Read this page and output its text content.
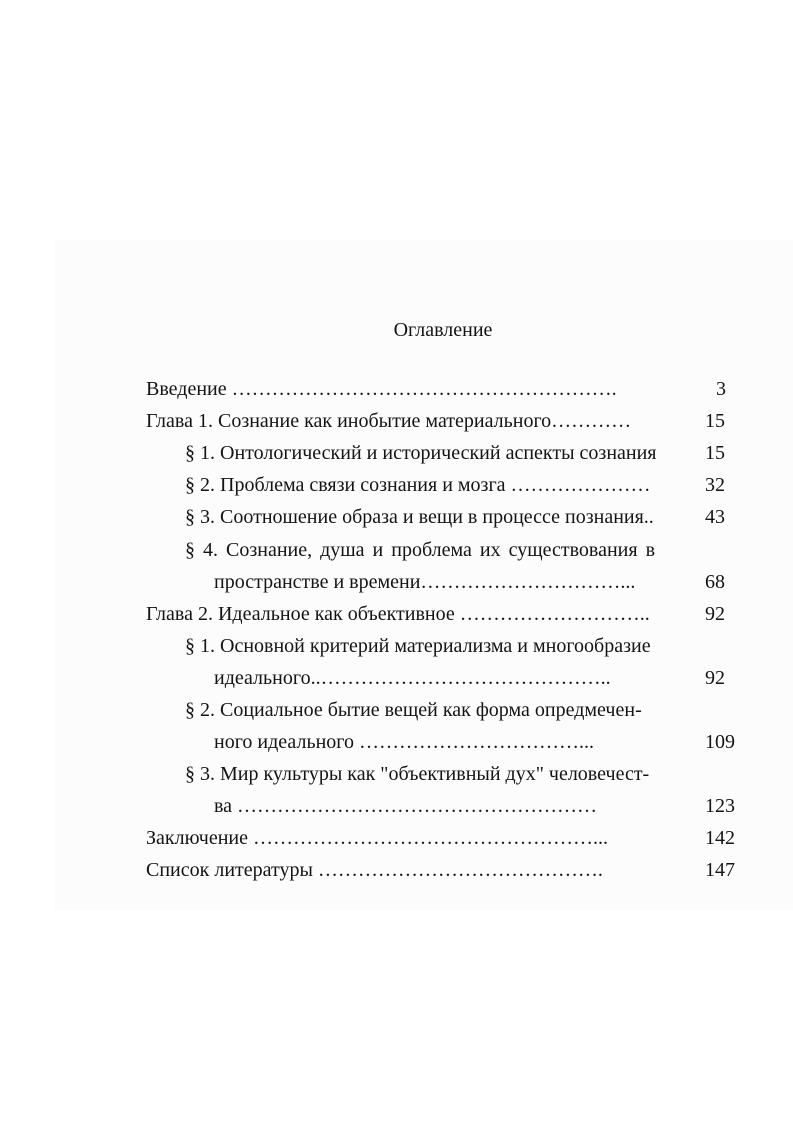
Оглавление
Введение ………………………………………………….	3
Глава 1. Сознание как инобытие материального…………	15
§ 1. Онтологический и исторический аспекты сознания 15
§ 2. Проблема связи сознания и мозга …………………	32
§ 3. Соотношение образа и вещи в процессе познания..	43
§ 4. Сознание, душа и проблема их существования в
пространстве и времени…………………………...	68
Глава 2. Идеальное как объективное ………………………..	92
§ 1. Основной критерий материализма и многообразие
идеального..……………………………………..	92
§ 2. Социальное бытие вещей как форма опредмечен-
ного идеального ……………………………...	109
§ 3. Мир культуры как "объективный дух" человечест-
ва ………………………………………………	123
Заключение ……………………………………………...	142
Список литературы …………………………………….	147
